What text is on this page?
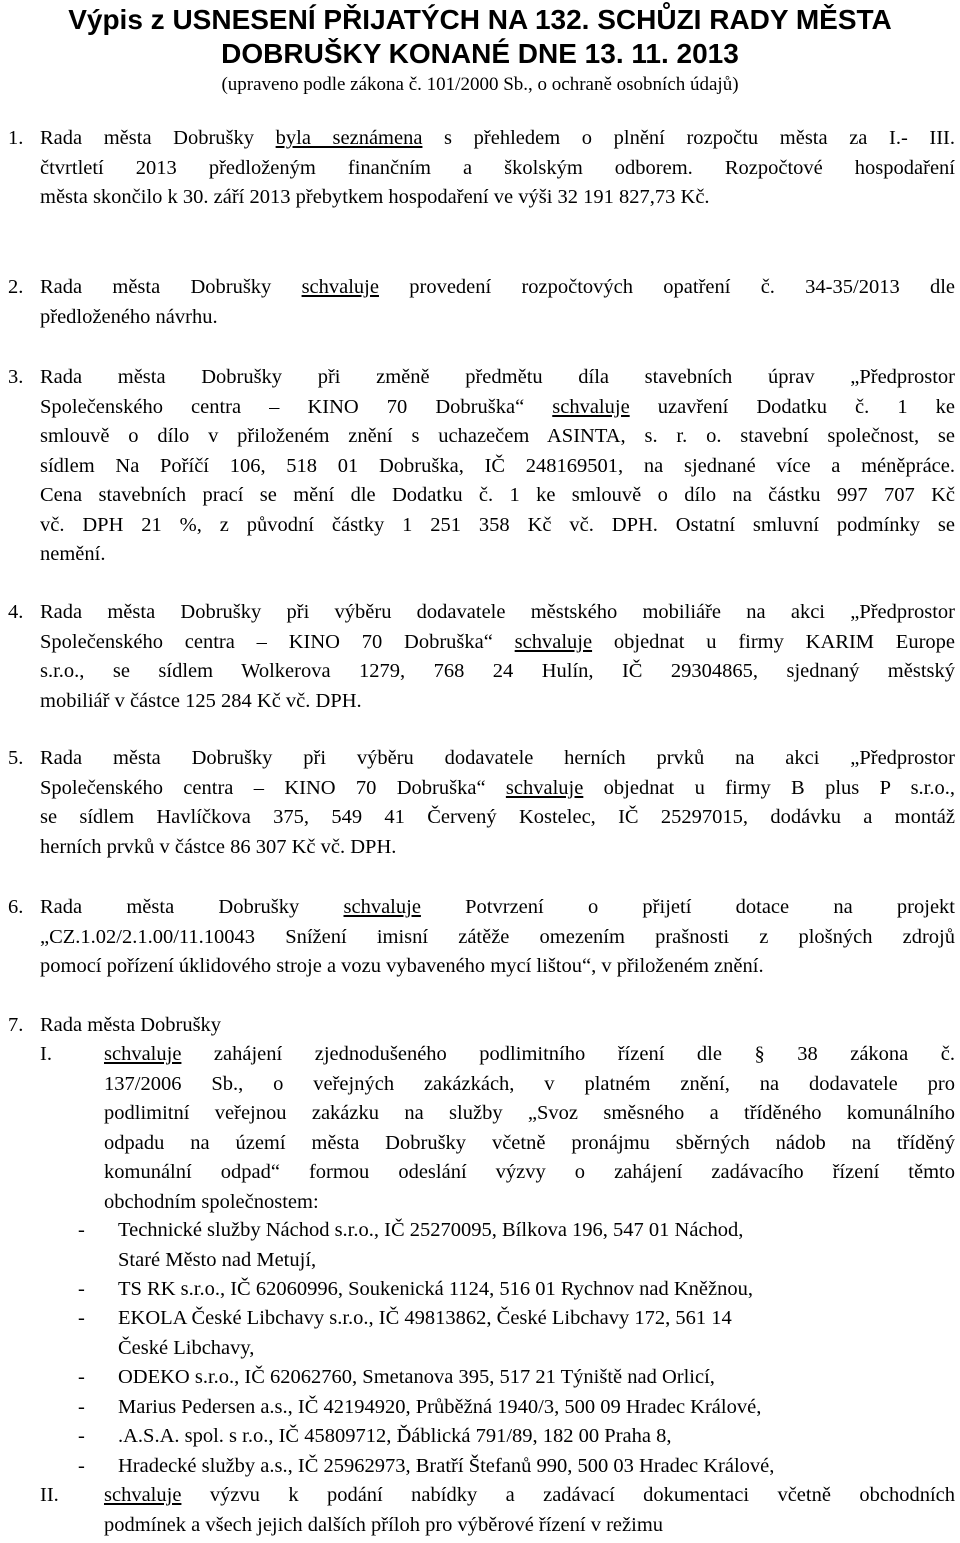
Výpis z USNESENÍ PŘIJATÝCH NA 132. SCHŮZI RADY MĚSTA
DOBRUŠKY KONANÉ DNE 13. 11. 2013
(upraveno podle zákona č. 101/2000 Sb., o ochraně osobních údajů)
1. Rada města Dobrušky byla seznámena s přehledem o plnění rozpočtu města za I.- III.
čtvrtletí 2013 předloženým finančním a školským odborem. Rozpočtové hospodaření
města skončilo k 30. září 2013 přebytkem hospodaření ve výši 32 191 827,73 Kč.
2. Rada města Dobrušky schvaluje provedení rozpočtových opatření č. 34-35/2013 dle
předloženého návrhu.
3. Rada města Dobrušky při změně předmětu díla stavebních úprav „Předprostor
Společenského centra – KINO 70 Dobruška“ schvaluje uzavření Dodatku č. 1 ke
smlouvě o dílo v přiloženém znění s uchazečem ASINTA, s. r. o. stavební společnost, se
sídlem Na Poříčí 106, 518 01 Dobruška, IČ 248169501, na sjednané více a méněpráce.
Cena stavebních prací se mění dle Dodatku č. 1 ke smlouvě o dílo na částku 997 707 Kč
vč. DPH 21 %, z původní částky 1 251 358 Kč vč. DPH. Ostatní smluvní podmínky se
nemění.
4. Rada města Dobrušky při výběru dodavatele městského mobiliáře na akci „Předprostor
Společenského centra – KINO 70 Dobruška“ schvaluje objednat u firmy KARIM Europe
s.r.o., se sídlem Wolkerova 1279, 768 24 Hulín, IČ 29304865, sjednaný městský
mobiliář v částce 125 284 Kč vč. DPH.
5. Rada města Dobrušky při výběru dodavatele herních prvků na akci „Předprostor
Společenského centra – KINO 70 Dobruška“ schvaluje objednat u firmy B plus P s.r.o.,
se sídlem Havlíčkova 375, 549 41 Červený Kostelec, IČ 25297015, dodávku a montáž
herních prvků v částce 86 307 Kč vč. DPH.
6. Rada města Dobrušky schvaluje Potvrzení o přijetí dotace na projekt
„CZ.1.02/2.1.00/11.10043 Snížení imisní zátěže omezením prašnosti z plošných zdrojů
pomocí pořízení úklidového stroje a vozu vybaveného mycí lištou“, v přiloženém znění.
7. Rada města Dobrušky
I.	schvaluje zahájení zjednodušeného podlimitního řízení dle § 38 zákona č.
137/2006 Sb., o veřejných zakázkách, v platném znění, na dodavatele pro
podlimitní veřejnou zakázku na služby „Svoz směsného a tříděného komunálního
odpadu na území města Dobrušky včetně pronájmu sběrných nádob na tříděný
komunální odpad“ formou odeslání výzvy o zahájení zadávacího řízení těmto
obchodním společnostem:
-	Technické služby Náchod s.r.o., IČ 25270095, Bílkova 196, 547 01 Náchod,
Staré Město nad Metují,
-	TS RK s.r.o., IČ 62060996, Soukenická 1124, 516 01 Rychnov nad Kněžnou,
-	EKOLA České Libchavy s.r.o., IČ 49813862, České Libchavy 172, 561 14
České Libchavy,
-	ODEKO s.r.o., IČ 62062760, Smetanova 395, 517 21 Týniště nad Orlicí,
-	Marius Pedersen a.s., IČ 42194920, Průběžná 1940/3, 500 09 Hradec Králové,
-	.A.S.A. spol. s r.o., IČ 45809712, Ďáblická 791/89, 182 00 Praha 8,
-	Hradecké služby a.s., IČ 25962973, Bratří Štefanů 990, 500 03 Hradec Králové,
II.	schvaluje výzvu k podání nabídky a zadávací dokumentaci včetně obchodních
podmínek a všech jejich dalších příloh pro výběrové řízení v režimu
